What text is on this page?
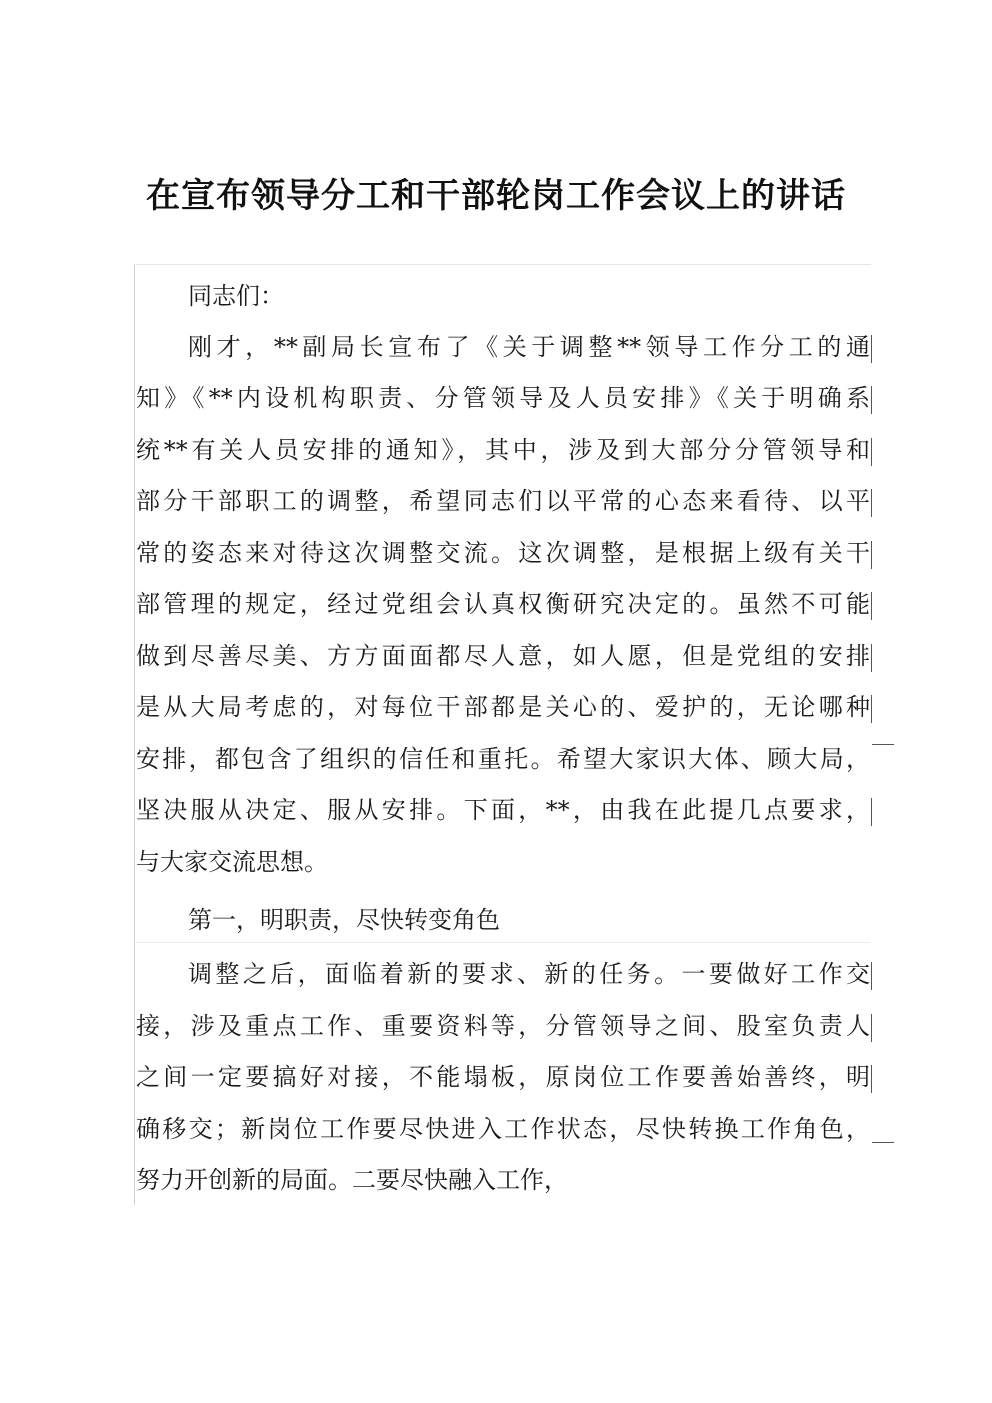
在宣布领导分工和干部轮岗工作会议上的讲话
同志们：
刚才，**副局长宣布了《关于调整**领导工作分工的通
知》《**内设机构职责、分管领导及人员安排》《关于明确系
统**有关人员安排的通知》，其中，涉及到大部分分管领导和
部分干部职工的调整，希望同志们以平常的心态来看待、以平
常的姿态来对待这次调整交流。这次调整，是根据上级有关干
部管理的规定，经过党组会认真权衡研究决定的。虽然不可能
做到尽善尽美、方方面面都尽人意，如人愿，但是党组的安排
是从大局考虑的，对每位干部都是关心的、爱护的，无论哪种
安排，都包含了组织的信任和重托。希望大家识大体、顾大局，
坚决服从决定、服从安排。下面，**，由我在此提几点要求，
与大家交流思想。
第一，明职责，尽快转变角色
调整之后，面临着新的要求、新的任务。一要做好工作交
接，涉及重点工作、重要资料等，分管领导之间、股室负责人
之间一定要搞好对接，不能塌板，原岗位工作要善始善终，明
确移交；新岗位工作要尽快进入工作状态，尽快转换工作角色，
努力开创新的局面。二要尽快融入工作，
